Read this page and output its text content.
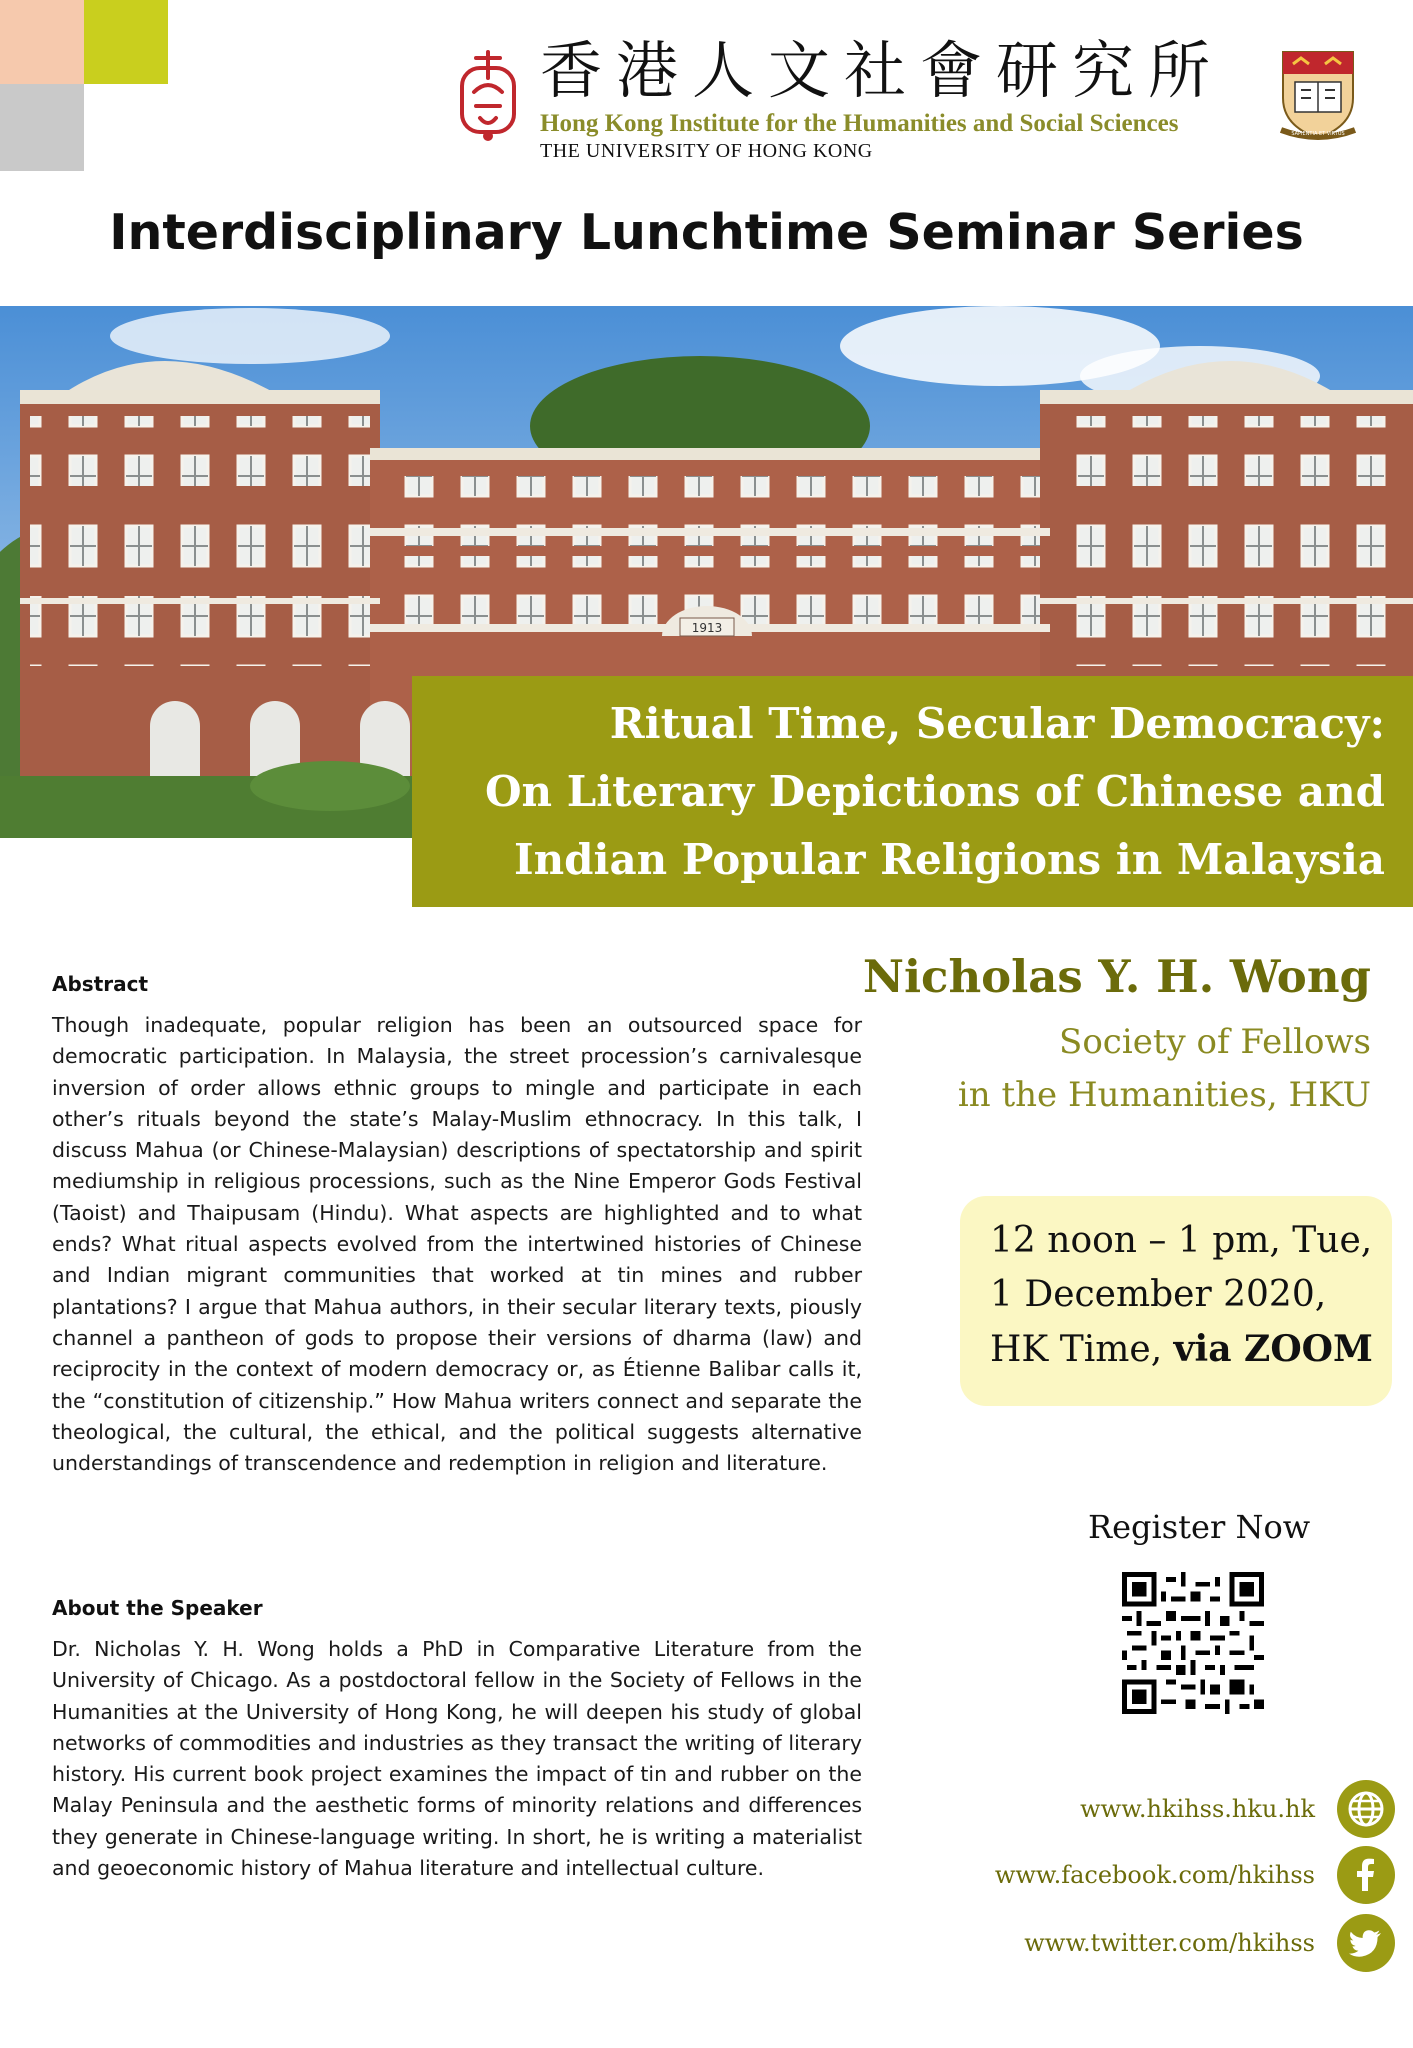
香港人文社會研究所
Hong Kong Institute for the Humanities and Social Sciences
THE UNIVERSITY OF HONG KONG
SAPIENTIA ET VIRTUS
Interdisciplinary Lunchtime Seminar Series
1913
Ritual Time, Secular Democracy:
On Literary Depictions of Chinese and
Indian Popular Religions in Malaysia
Abstract

Though inadequate, popular religion has been an outsourced space for democratic participation. In Malaysia, the street procession’s carnivalesque inversion of order allows ethnic groups to mingle and participate in each other’s rituals beyond the state’s Malay-Muslim ethnocracy. In this talk, I discuss Mahua (or Chinese-Malaysian) descriptions of spectatorship and spirit mediumship in religious processions, such as the Nine Emperor Gods Festival (Taoist) and Thaipusam (Hindu). What aspects are highlighted and to what ends? What ritual aspects evolved from the intertwined histories of Chinese and Indian migrant communities that worked at tin mines and rubber plantations? I argue that Mahua authors, in their secular literary texts, piously channel a pantheon of gods to propose their versions of dharma (law) and reciprocity in the context of modern democracy or, as Étienne Balibar calls it, the “constitution of citizenship.” How Mahua writers connect and separate the theological, the cultural, the ethical, and the political suggests alternative understandings of transcendence and redemption in religion and literature.

About the Speaker

Dr. Nicholas Y. H. Wong holds a PhD in Comparative Literature from the University of Chicago. As a postdoctoral fellow in the Society of Fellows in the Humanities at the University of Hong Kong, he will deepen his study of global networks of commodities and industries as they transact the writing of literary history. His current book project examines the impact of tin and rubber on the Malay Peninsula and the aesthetic forms of minority relations and differences they generate in Chinese-language writing. In short, he is writing a materialist and geoeconomic history of Mahua literature and intellectual culture.

Nicholas Y. H. Wong
Society of Fellows
in the Humanities, HKU
12 noon – 1 pm, Tue,
1 December 2020,
HK Time, via ZOOM
Register Now
www.hkihss.hku.hk
www.facebook.com/hkihss
www.twitter.com/hkihss
